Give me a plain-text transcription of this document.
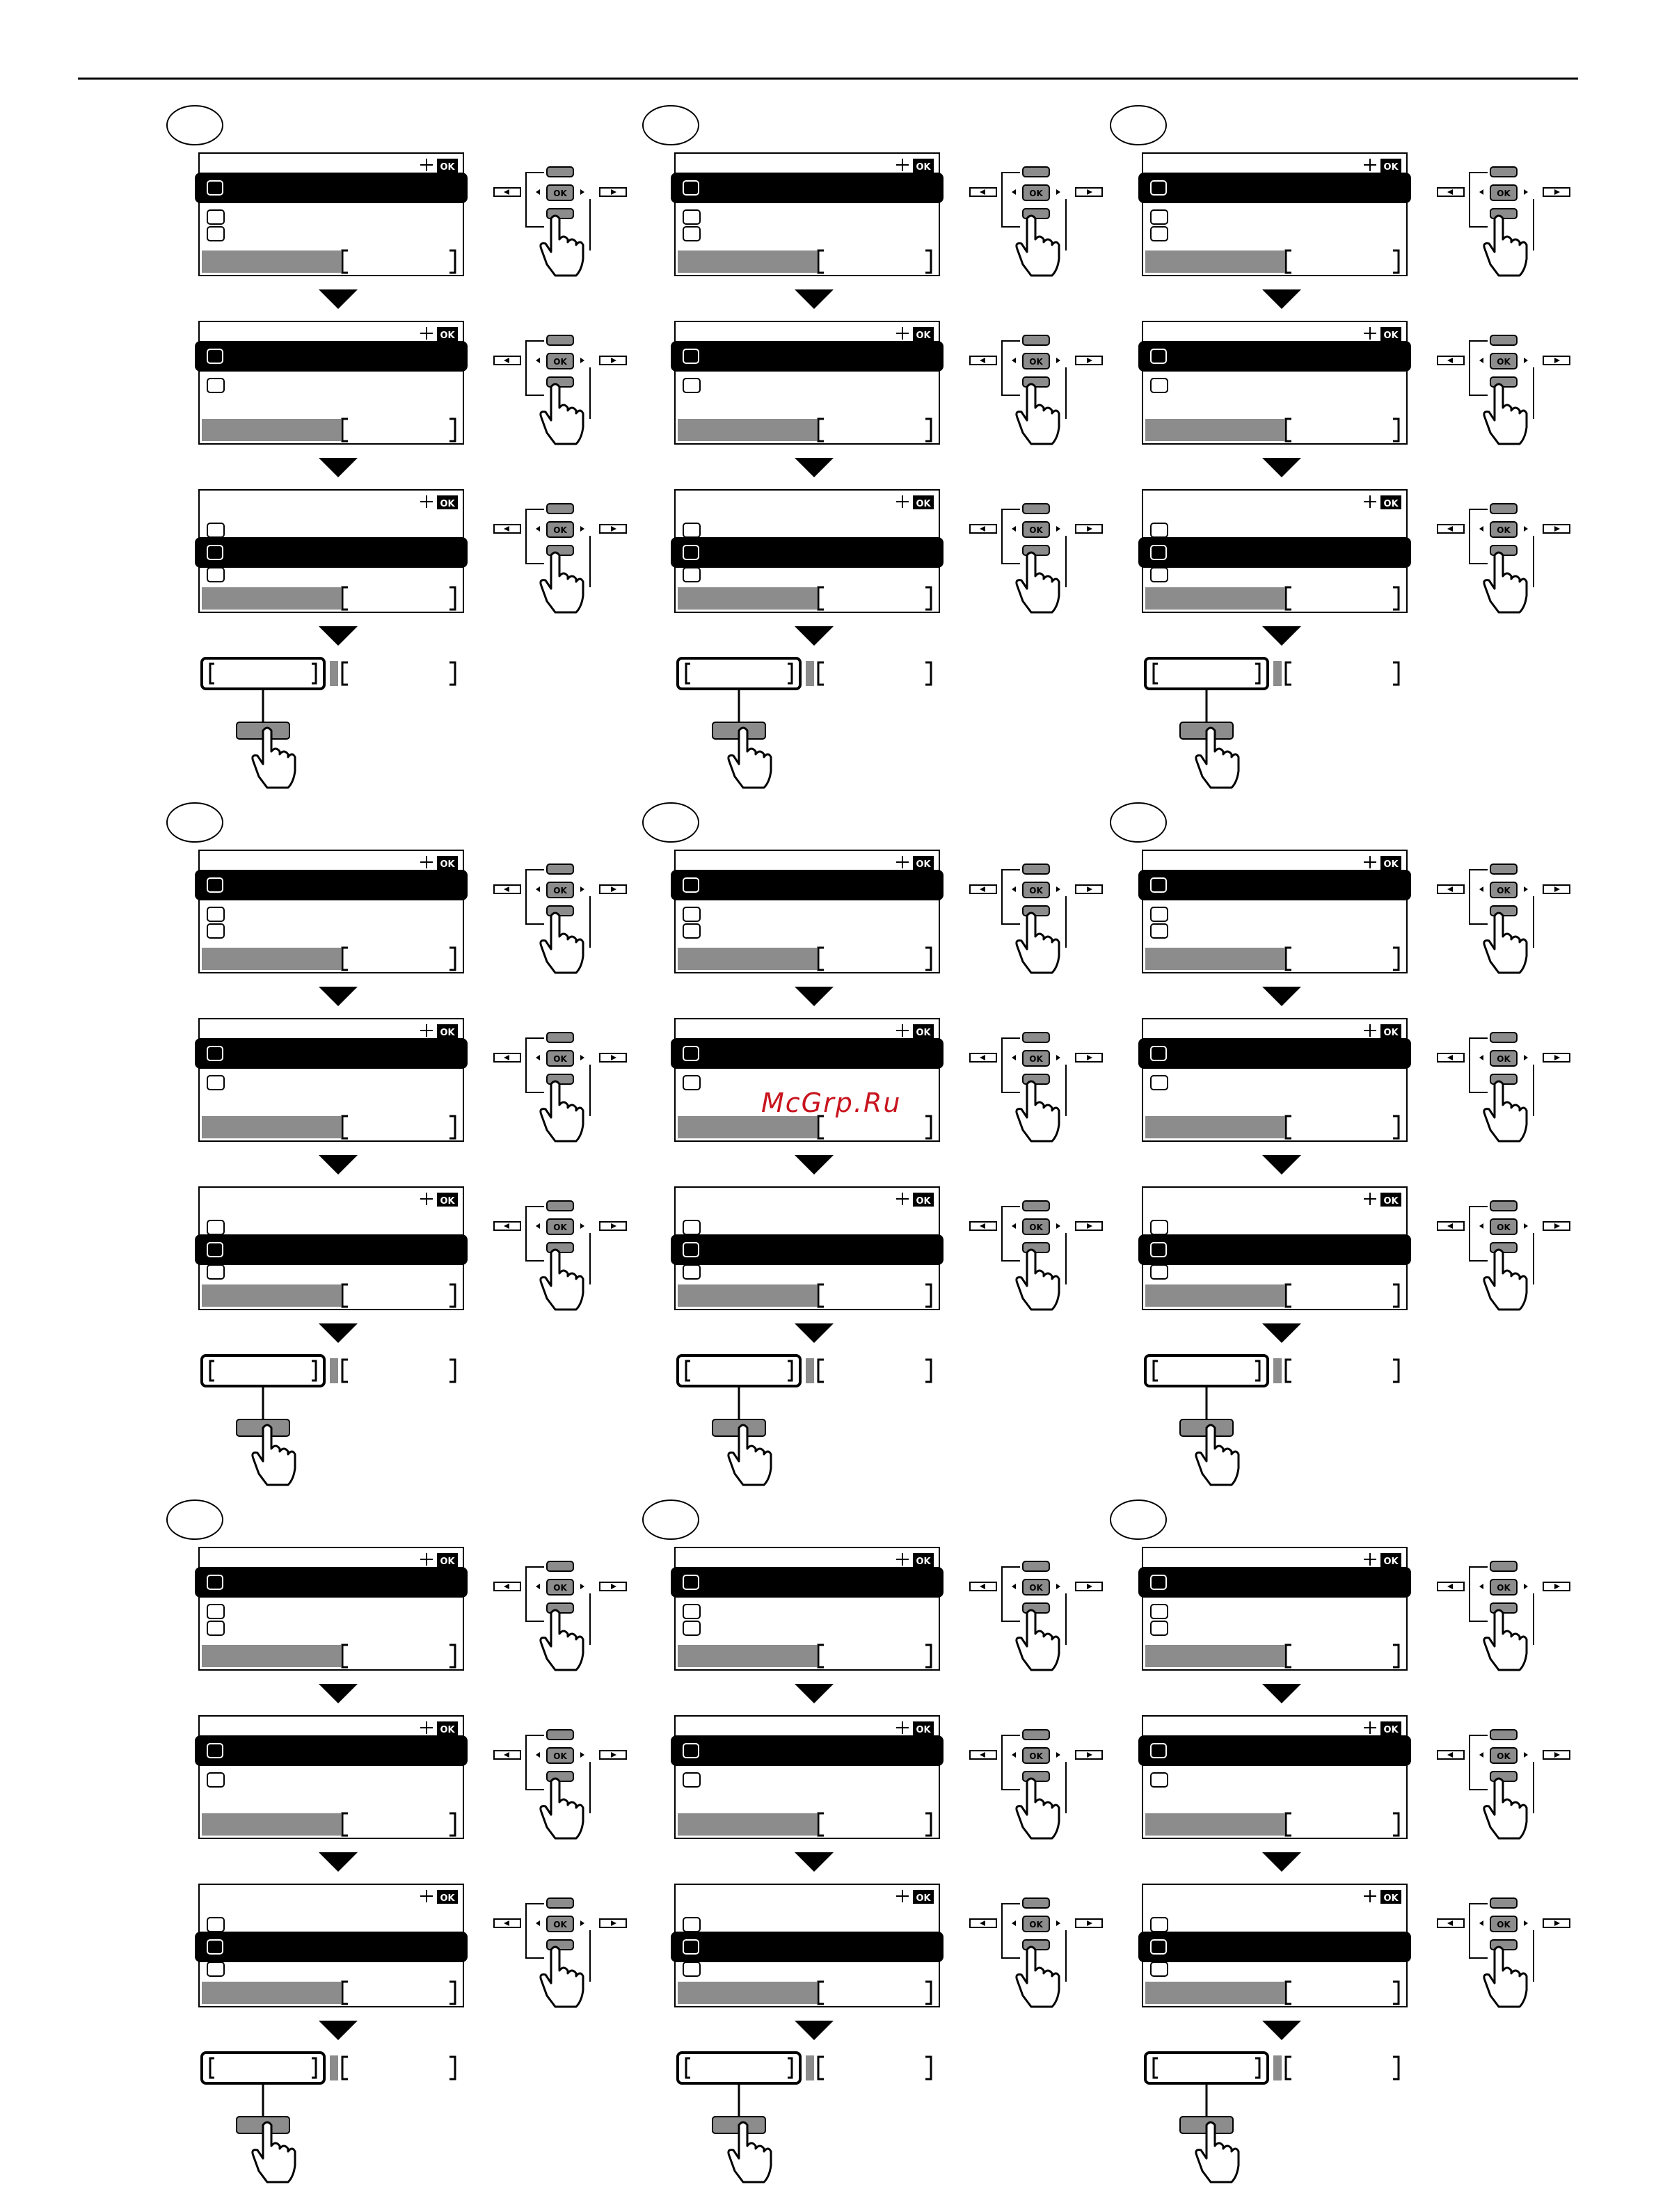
OK
OK
OK
OK
OK
OK
OK
OK
OK
OK
OK
OK
OK
OK
OK
OK
OK
OK
OK
OK
OK
OK
OK
OK
OK
OK
OK
OK
OK
OK
OK
OK
OK
OK
OK
OK
OK
OK
OK
OK
OK
OK
OK
OK
OK
OK
OK
OK
OK
OK
OK
OK
OK
OK
McGrp.Ru
